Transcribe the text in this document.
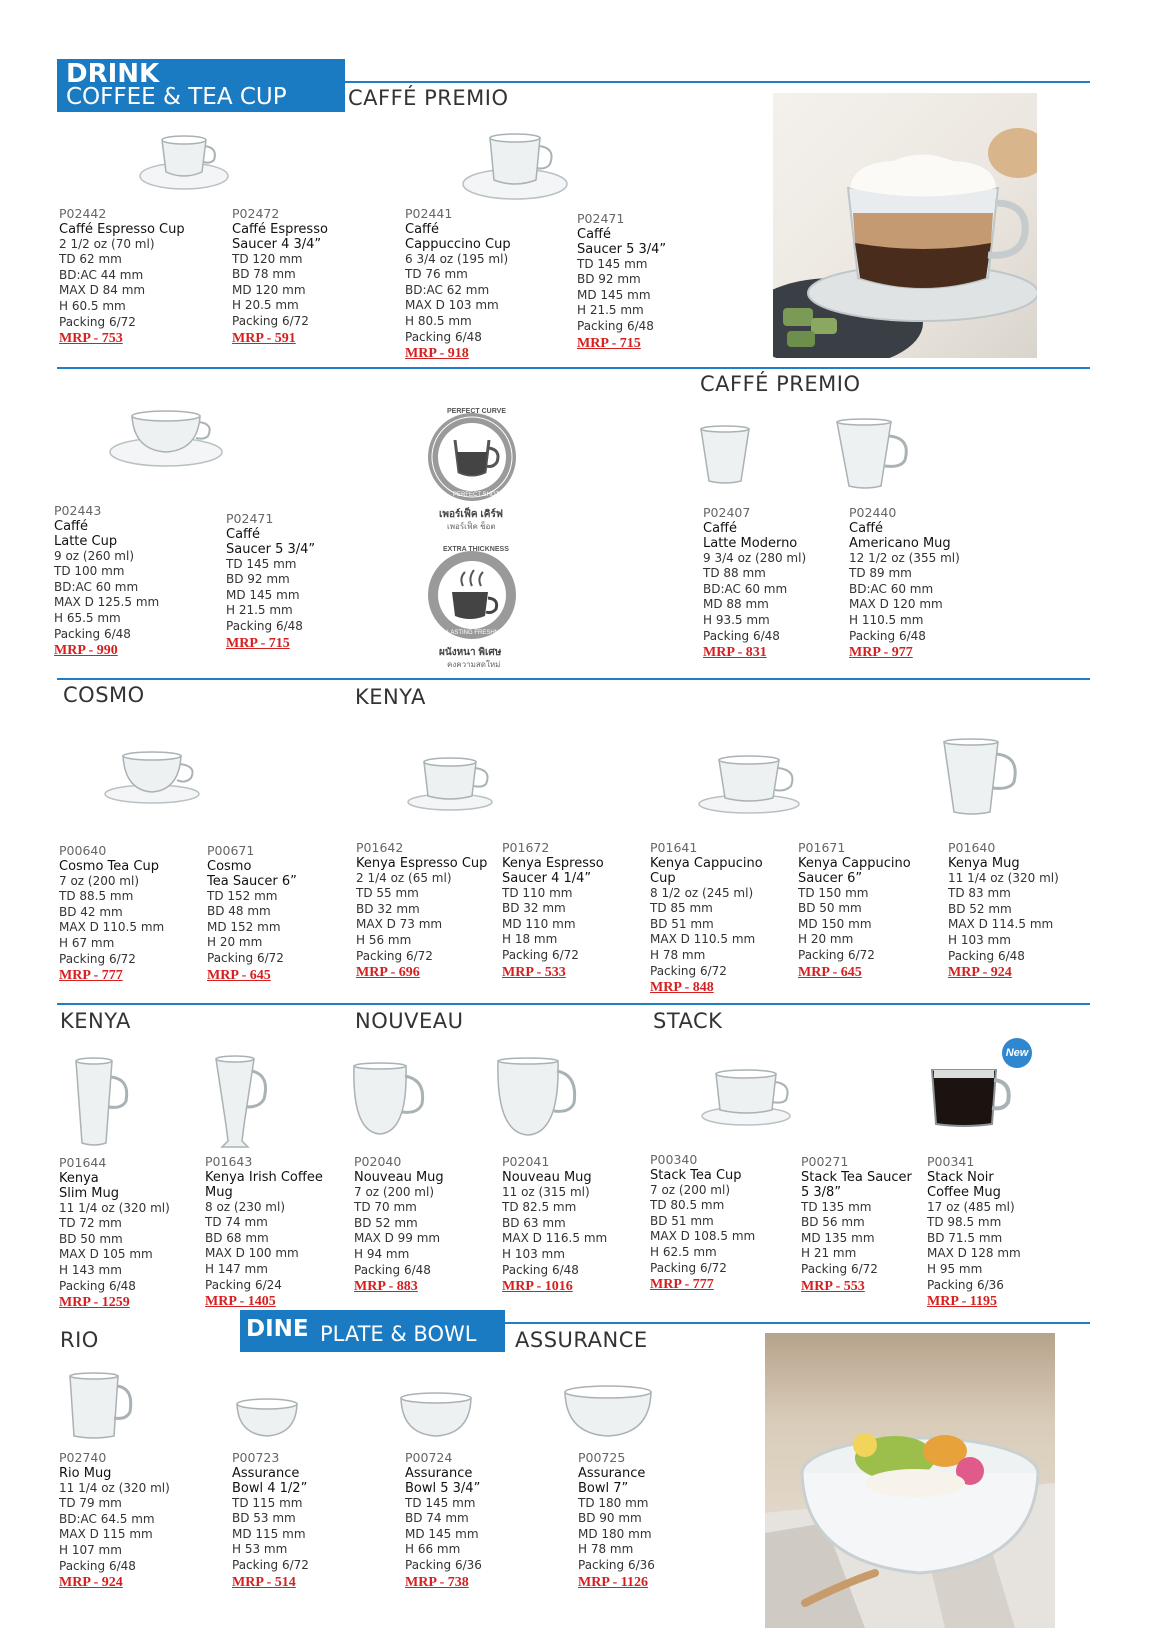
DRINK
COFFEE & TEA CUP
DINE PLATE & BOWL
CAFFÉ PREMIO
CAFFÉ PREMIO
COSMO	KENYA
KENYA	NOUVEAU	STACK
RIO	ASSURANCE
PERFECT CURVE
PERFECT SHOT
เพอร์เฟ็ค เคิร์ฟ
เพอร์เฟ็ค ช็อต
EXTRA THICKNESS
LASTING FRESHNESS
ผนังหนา พิเศษ
คงความสดใหม่
New
P02442
Caffé Espresso Cup
2 1/2 oz (70 ml)
TD 62 mm
BD:AC 44 mm
MAX D 84 mm
H 60.5 mm
Packing 6/72
MRP - 753
P02472
Caffé Espresso
Saucer 4 3/4”
TD 120 mm
BD 78 mm
MD 120 mm
H 20.5 mm
Packing 6/72
MRP - 591
P02441
Caffé
Cappuccino Cup
6 3/4 oz (195 ml)
TD 76 mm
BD:AC 62 mm
MAX D 103 mm
H 80.5 mm
Packing 6/48
MRP - 918
P02471
Caffé
Saucer 5 3/4”
TD 145 mm
BD 92 mm
MD 145 mm
H 21.5 mm
Packing 6/48
MRP - 715
P02443
Caffé
Latte Cup
9 oz (260 ml)
TD 100 mm
BD:AC 60 mm
MAX D 125.5 mm
H 65.5 mm
Packing 6/48
MRP - 990
P02471
Caffé
Saucer 5 3/4”
TD 145 mm
BD 92 mm
MD 145 mm
H 21.5 mm
Packing 6/48
MRP - 715
P02407
Caffé
Latte Moderno
9 3/4 oz (280 ml)
TD 88 mm
BD:AC 60 mm
MD 88 mm
H 93.5 mm
Packing 6/48
MRP - 831
P02440
Caffé
Americano Mug
12 1/2 oz (355 ml)
TD 89 mm
BD:AC 60 mm
MAX D 120 mm
H 110.5 mm
Packing 6/48
MRP - 977
P00640
Cosmo Tea Cup
7 oz (200 ml)
TD 88.5 mm
BD 42 mm
MAX D 110.5 mm
H 67 mm
Packing 6/72
MRP - 777
P00671
Cosmo
Tea Saucer 6”
TD 152 mm
BD 48 mm
MD 152 mm
H 20 mm
Packing 6/72
MRP - 645
P01642
Kenya Espresso Cup
2 1/4 oz (65 ml)
TD 55 mm
BD 32 mm
MAX D 73 mm
H 56 mm
Packing 6/72
MRP - 696
P01672
Kenya Espresso
Saucer 4 1/4”
TD 110 mm
BD 32 mm
MD 110 mm
H 18 mm
Packing 6/72
MRP - 533
P01641
Kenya Cappucino
Cup
8 1/2 oz (245 ml)
TD 85 mm
BD 51 mm
MAX D 110.5 mm
H 78 mm
Packing 6/72
MRP - 848
P01671
Kenya Cappucino
Saucer 6”
TD 150 mm
BD 50 mm
MD 150 mm
H 20 mm
Packing 6/72
MRP - 645
P01640
Kenya Mug
11 1/4 oz (320 ml)
TD 83 mm
BD 52 mm
MAX D 114.5 mm
H 103 mm
Packing 6/48
MRP - 924
P01644
Kenya
Slim Mug
11 1/4 oz (320 ml)
TD 72 mm
BD 50 mm
MAX D 105 mm
H 143 mm
Packing 6/48
MRP - 1259
P01643
Kenya Irish Coffee
Mug
8 oz (230 ml)
TD 74 mm
BD 68 mm
MAX D 100 mm
H 147 mm
Packing 6/24
MRP - 1405
P02040
Nouveau Mug
7 oz (200 ml)
TD 70 mm
BD 52 mm
MAX D 99 mm
H 94 mm
Packing 6/48
MRP - 883
P02041
Nouveau Mug
11 oz (315 ml)
TD 82.5 mm
BD 63 mm
MAX D 116.5 mm
H 103 mm
Packing 6/48
MRP - 1016
P00340
Stack Tea Cup
7 oz (200 ml)
TD 80.5 mm
BD 51 mm
MAX D 108.5 mm
H 62.5 mm
Packing 6/72
MRP - 777
P00271
Stack Tea Saucer
5 3/8”
TD 135 mm
BD 56 mm
MD 135 mm
H 21 mm
Packing 6/72
MRP - 553
P00341
Stack Noir
Coffee Mug
17 oz (485 ml)
TD 98.5 mm
BD 71.5 mm
MAX D 128 mm
H 95 mm
Packing 6/36
MRP - 1195
P02740
Rio Mug
11 1/4 oz (320 ml)
TD 79 mm
BD:AC 64.5 mm
MAX D 115 mm
H 107 mm
Packing 6/48
MRP - 924
P00723
Assurance
Bowl 4 1/2”
TD 115 mm
BD 53 mm
MD 115 mm
H 53 mm
Packing 6/72
MRP - 514
P00724
Assurance
Bowl 5 3/4”
TD 145 mm
BD 74 mm
MD 145 mm
H 66 mm
Packing 6/36
MRP - 738
P00725
Assurance
Bowl 7”
TD 180 mm
BD 90 mm
MD 180 mm
H 78 mm
Packing 6/36
MRP - 1126
